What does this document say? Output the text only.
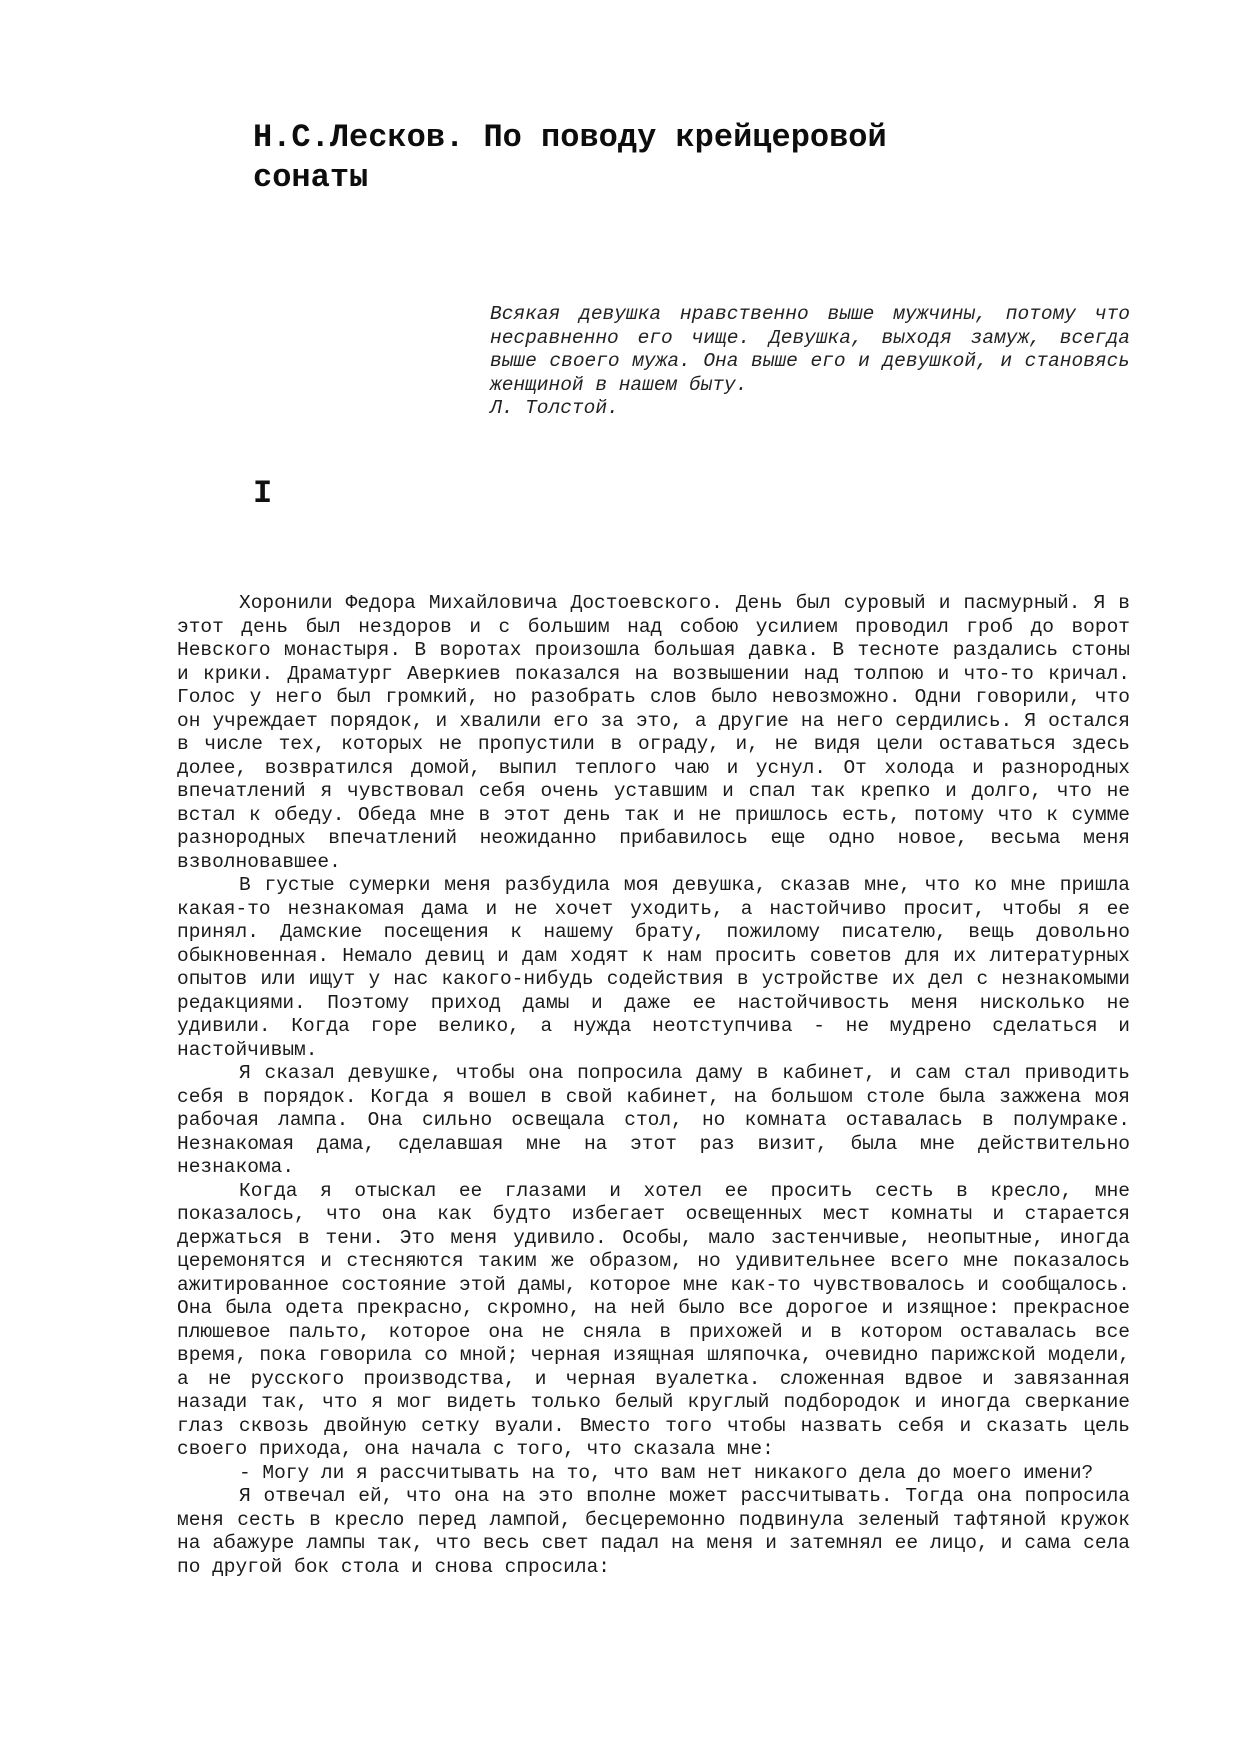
Н.С.Лесков. По поводу крейцеровой сонаты

Всякая девушка нравственно выше мужчины, потому что несравненно его чище. Девушка, выходя замуж, всегда выше своего мужа. Она выше его и девушкой, и становясь женщиной в нашем быту.

Л. Толстой.

I

Хоронили Федора Михайловича Достоевского. День был суровый и пасмурный. Я в этот день был нездоров и с большим над собою усилием проводил гроб до ворот Невского монастыря. В воротах произошла большая давка. В тесноте раздались стоны и крики. Драматург Аверкиев показался на возвышении над толпою и что-то кричал. Голос у него был громкий, но разобрать слов было невозможно. Одни говорили, что он учреждает порядок, и хвалили его за это, а другие на него сердились. Я остался в числе тех, которых не пропустили в ограду, и, не видя цели оставаться здесь долее, возвратился домой, выпил теплого чаю и уснул. От холода и разнородных впечатлений я чувствовал себя очень уставшим и спал так крепко и долго, что не встал к обеду. Обеда мне в этот день так и не пришлось есть, потому что к сумме разнородных впечатлений неожиданно прибавилось еще одно новое, весьма меня взволновавшее.

В густые сумерки меня разбудила моя девушка, сказав мне, что ко мне пришла какая-то незнакомая дама и не хочет уходить, а настойчиво просит, чтобы я ее принял. Дамские посещения к нашему брату, пожилому писателю, вещь довольно обыкновенная. Немало девиц и дам ходят к нам просить советов для их литературных опытов или ищут у нас какого-нибудь содействия в устройстве их дел с незнакомыми редакциями. Поэтому приход дамы и даже ее настойчивость меня нисколько не удивили. Когда горе велико, а нужда неотступчива - не мудрено сделаться и настойчивым.

Я сказал девушке, чтобы она попросила даму в кабинет, и сам стал приводить себя в порядок. Когда я вошел в свой кабинет, на большом столе была зажжена моя рабочая лампа. Она сильно освещала стол, но комната оставалась в полумраке. Незнакомая дама, сделавшая мне на этот раз визит, была мне действительно незнакома.

Когда я отыскал ее глазами и хотел ее просить сесть в кресло, мне показалось, что она как будто избегает освещенных мест комнаты и старается держаться в тени. Это меня удивило. Особы, мало застенчивые, неопытные, иногда церемонятся и стесняются таким же образом, но удивительнее всего мне показалось ажитированное состояние этой дамы, которое мне как-то чувствовалось и сообщалось. Она была одета прекрасно, скромно, на ней было все дорогое и изящное: прекрасное плюшевое пальто, которое она не сняла в прихожей и в котором оставалась все время, пока говорила со мной; черная изящная шляпочка, очевидно парижской модели, а не русского производства, и черная вуалетка. сложенная вдвое и завязанная назади так, что я мог видеть только белый круглый подбородок и иногда сверкание глаз сквозь двойную сетку вуали. Вместо того чтобы назвать себя и сказать цель своего прихода, она начала с того, что сказала мне:

- Могу ли я рассчитывать на то, что вам нет никакого дела до моего имени?

Я отвечал ей, что она на это вполне может рассчитывать. Тогда она попросила меня сесть в кресло перед лампой, бесцеремонно подвинула зеленый тафтяной кружок на абажуре лампы так, что весь свет падал на меня и затемнял ее лицо, и сама села по другой бок стола и снова спросила:
